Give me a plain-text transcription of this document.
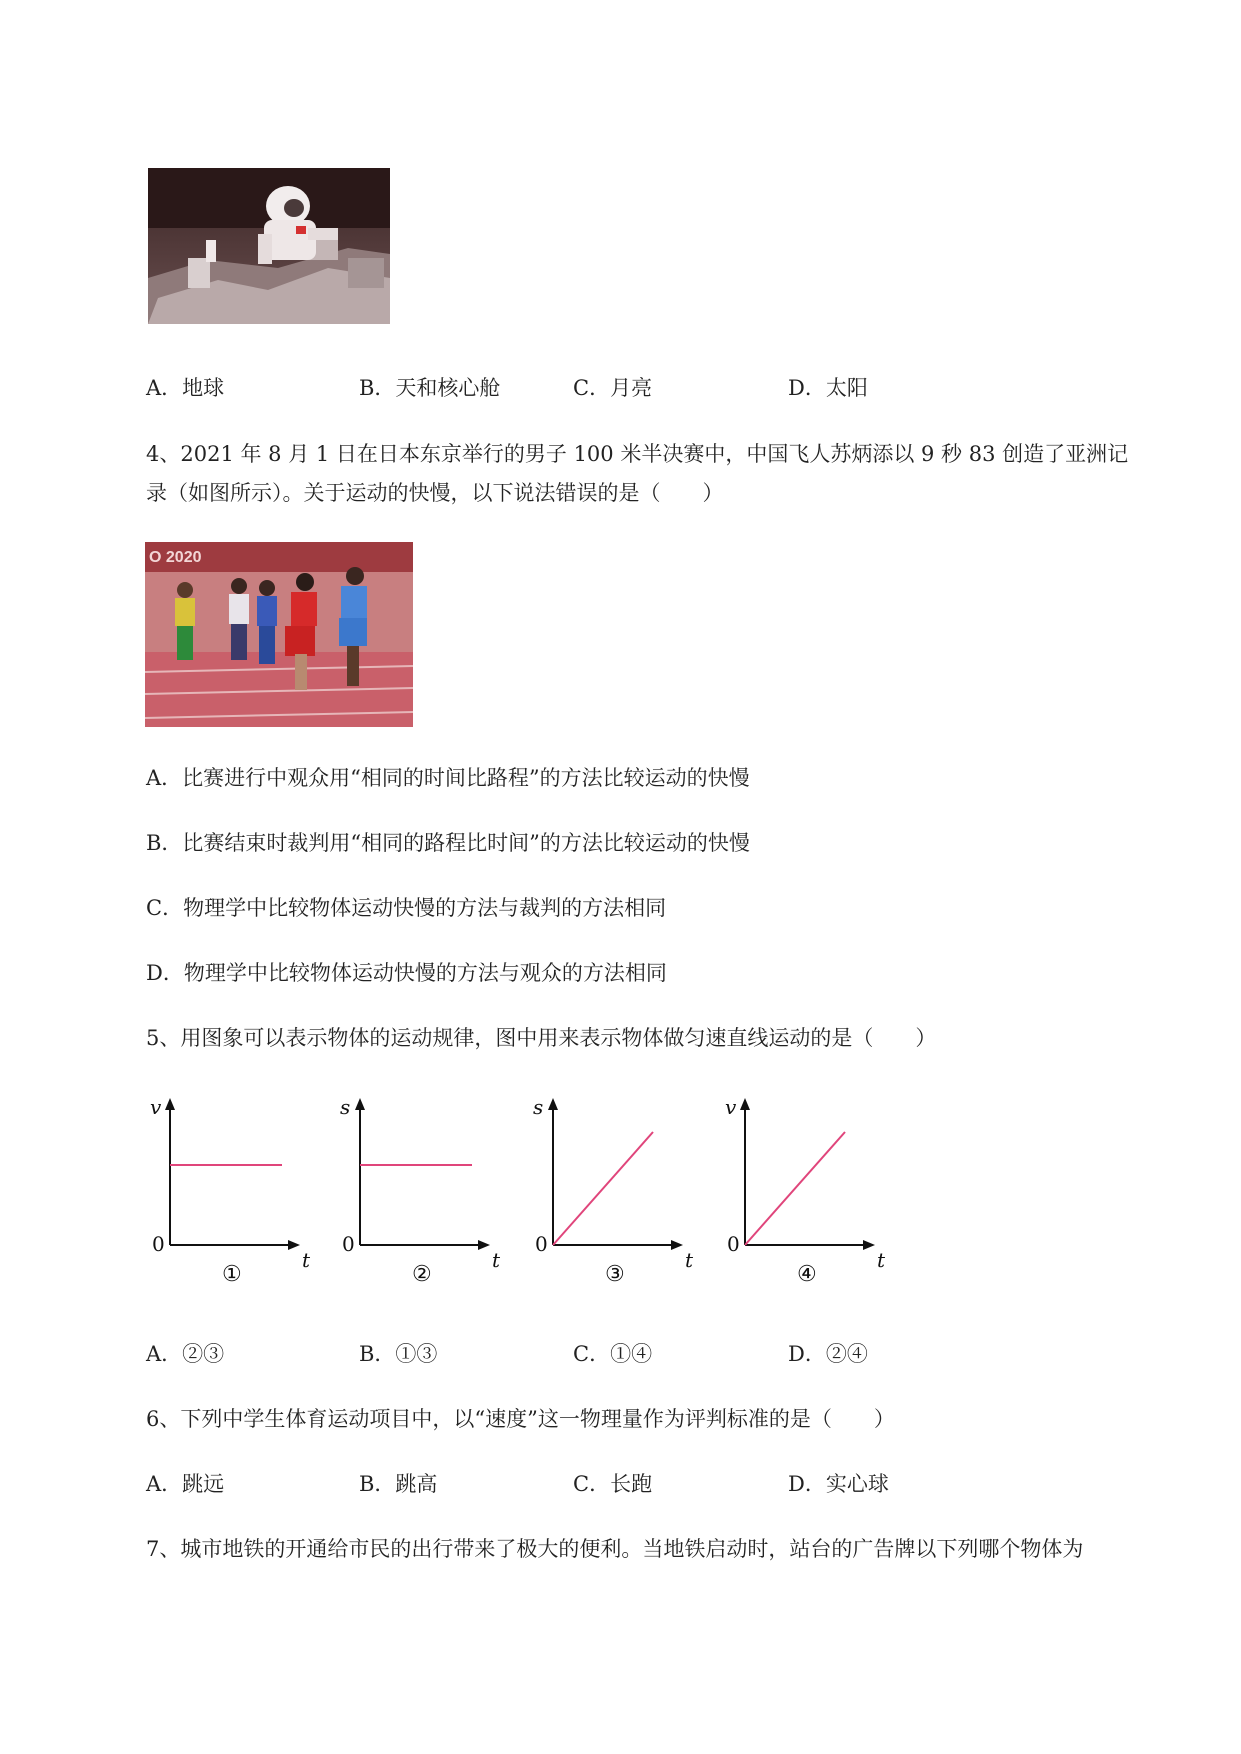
A．地球	B．天和核心舱	C．月亮	D．太阳
4、2021 年 8 月 1 日在日本东京举行的男子 100 米半决赛中，中国飞人苏炳添以 9 秒 83 创造了亚洲记
录（如图所示）。关于运动的快慢，以下说法错误的是（　　）
O 2020
A．比赛进行中观众用“相同的时间比路程”的方法比较运动的快慢
B．比赛结束时裁判用“相同的路程比时间”的方法比较运动的快慢
C．物理学中比较物体运动快慢的方法与裁判的方法相同
D．物理学中比较物体运动快慢的方法与观众的方法相同
5、用图象可以表示物体的运动规律，图中用来表示物体做匀速直线运动的是（　　）
v
t
0
①
s
t
0
②
s
t
0
③
v
t
0
④
A．②③	B．①③	C．①④	D．②④
6、下列中学生体育运动项目中，以“速度”这一物理量作为评判标准的是（　　）
A．跳远	B．跳高	C．长跑	D．实心球
7、城市地铁的开通给市民的出行带来了极大的便利。当地铁启动时，站台的广告牌以下列哪个物体为
